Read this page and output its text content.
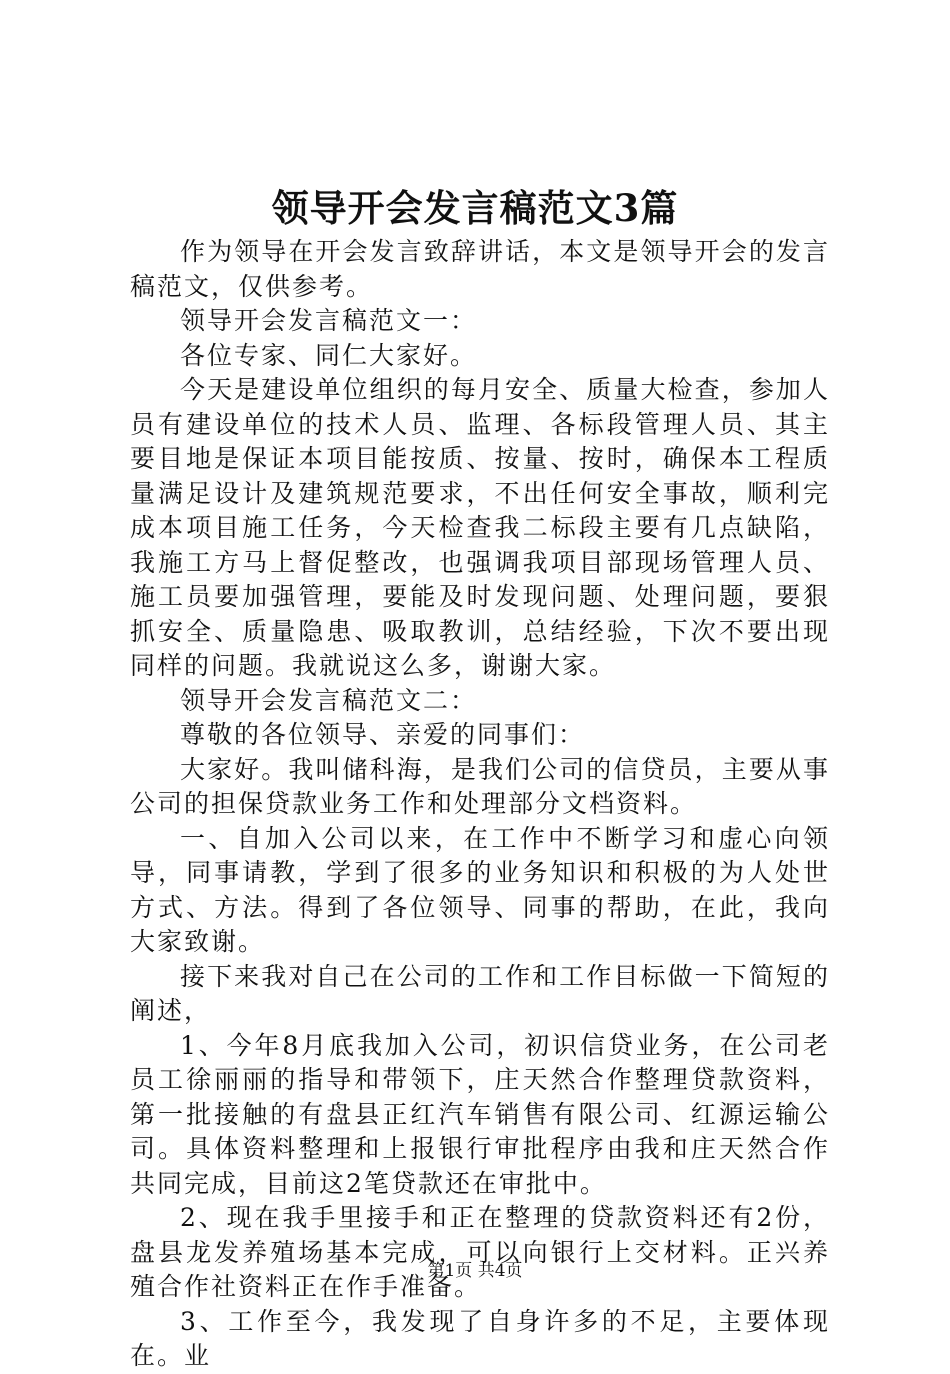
领导开会发言稿范文3篇

作为领导在开会发言致辞讲话，本文是领导开会的发言稿范文，仅供参考。

领导开会发言稿范文一：

各位专家、同仁大家好。

今天是建设单位组织的每月安全、质量大检查，参加人员有建设单位的技术人员、监理、各标段管理人员、其主要目地是保证本项目能按质、按量、按时，确保本工程质量满足设计及建筑规范要求，不出任何安全事故，顺利完成本项目施工任务，今天检查我二标段主要有几点缺陷，我施工方马上督促整改，也强调我项目部现场管理人员、施工员要加强管理，要能及时发现问题、处理问题，要狠抓安全、质量隐患、吸取教训，总结经验，下次不要出现同样的问题。我就说这么多，谢谢大家。

领导开会发言稿范文二：

尊敬的各位领导、亲爱的同事们：

大家好。我叫储科海，是我们公司的信贷员，主要从事公司的担保贷款业务工作和处理部分文档资料。

一、自加入公司以来，在工作中不断学习和虚心向领导，同事请教，学到了很多的业务知识和积极的为人处世方式、方法。得到了各位领导、同事的帮助，在此，我向大家致谢。

接下来我对自己在公司的工作和工作目标做一下简短的阐述，

1、今年8月底我加入公司，初识信贷业务，在公司老员工徐丽丽的指导和带领下，庄天然合作整理贷款资料，第一批接触的有盘县正红汽车销售有限公司、红源运输公司。具体资料整理和上报银行审批程序由我和庄天然合作共同完成，目前这2笔贷款还在审批中。

2、现在我手里接手和正在整理的贷款资料还有2份，盘县龙发养殖场基本完成，可以向银行上交材料。正兴养殖合作社资料正在作手准备。

3、工作至今，我发现了自身许多的不足，主要体现在。业

第1页 共4页
